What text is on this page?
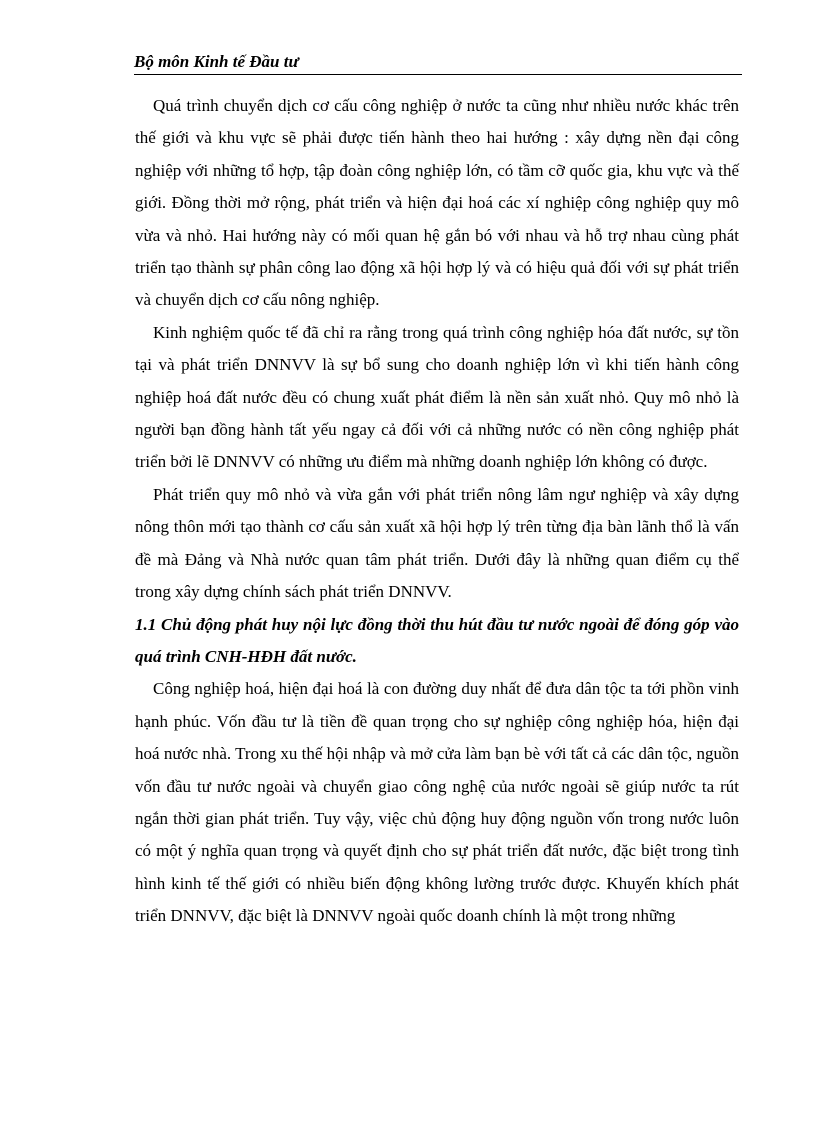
Bộ môn Kinh tế Đầu tư

Quá trình chuyển dịch cơ cấu công nghiệp ở nước ta cũng như nhiều nước khác trên thế giới và khu vực sẽ phải được tiến hành theo hai hướng : xây dựng nền đại công nghiệp với những tổ hợp, tập đoàn công nghiệp lớn, có tầm cỡ quốc gia, khu vực và thế giới. Đồng thời mở rộng, phát triển và hiện đại hoá các xí nghiệp công nghiệp quy mô vừa và nhỏ. Hai hướng này có mối quan hệ gắn bó với nhau và hỗ trợ nhau cùng phát triển tạo thành sự phân công lao động xã hội hợp lý và có hiệu quả đối với sự phát triển và chuyển dịch cơ cấu nông nghiệp.

Kinh nghiệm quốc tế đã chỉ ra rằng trong quá trình công nghiệp hóa đất nước, sự tồn tại và phát triển DNNVV là sự bổ sung cho doanh nghiệp lớn vì khi tiến hành công nghiệp hoá đất nước đều có chung xuất phát điểm là nền sản xuất nhỏ. Quy mô nhỏ là người bạn đồng hành tất yếu ngay cả đối với cả những nước có nền công nghiệp phát triển bởi lẽ DNNVV có những ưu điểm mà những doanh nghiệp lớn không có được.

Phát triển quy mô nhỏ và vừa gắn với phát triển nông lâm ngư nghiệp và xây dựng nông thôn mới tạo thành cơ cấu sản xuất xã hội hợp lý trên từng địa bàn lãnh thổ là vấn đề mà Đảng và Nhà nước quan tâm phát triển. Dưới đây là những quan điểm cụ thể trong xây dựng chính sách phát triển DNNVV.

1.1 Chủ động phát huy nội lực đồng thời thu hút đầu tư nước ngoài để đóng góp vào quá trình CNH-HĐH đất nước.

Công nghiệp hoá, hiện đại hoá là con đường duy nhất để đưa dân tộc ta tới phồn vinh hạnh phúc. Vốn đầu tư là tiền đề quan trọng cho sự nghiệp công nghiệp hóa, hiện đại hoá nước nhà. Trong xu thế hội nhập và mở cửa làm bạn bè với tất cả các dân tộc, nguồn vốn đầu tư nước ngoài và chuyển giao công nghệ của nước ngoài sẽ giúp nước ta rút ngắn thời gian phát triển. Tuy vậy, việc chủ động huy động nguồn vốn trong nước luôn có một ý nghĩa quan trọng và quyết định cho sự phát triển đất nước, đặc biệt trong tình hình kinh tế thế giới có nhiều biến động không lường trước được. Khuyến khích phát triển DNNVV, đặc biệt là DNNVV ngoài quốc doanh chính là một trong những
